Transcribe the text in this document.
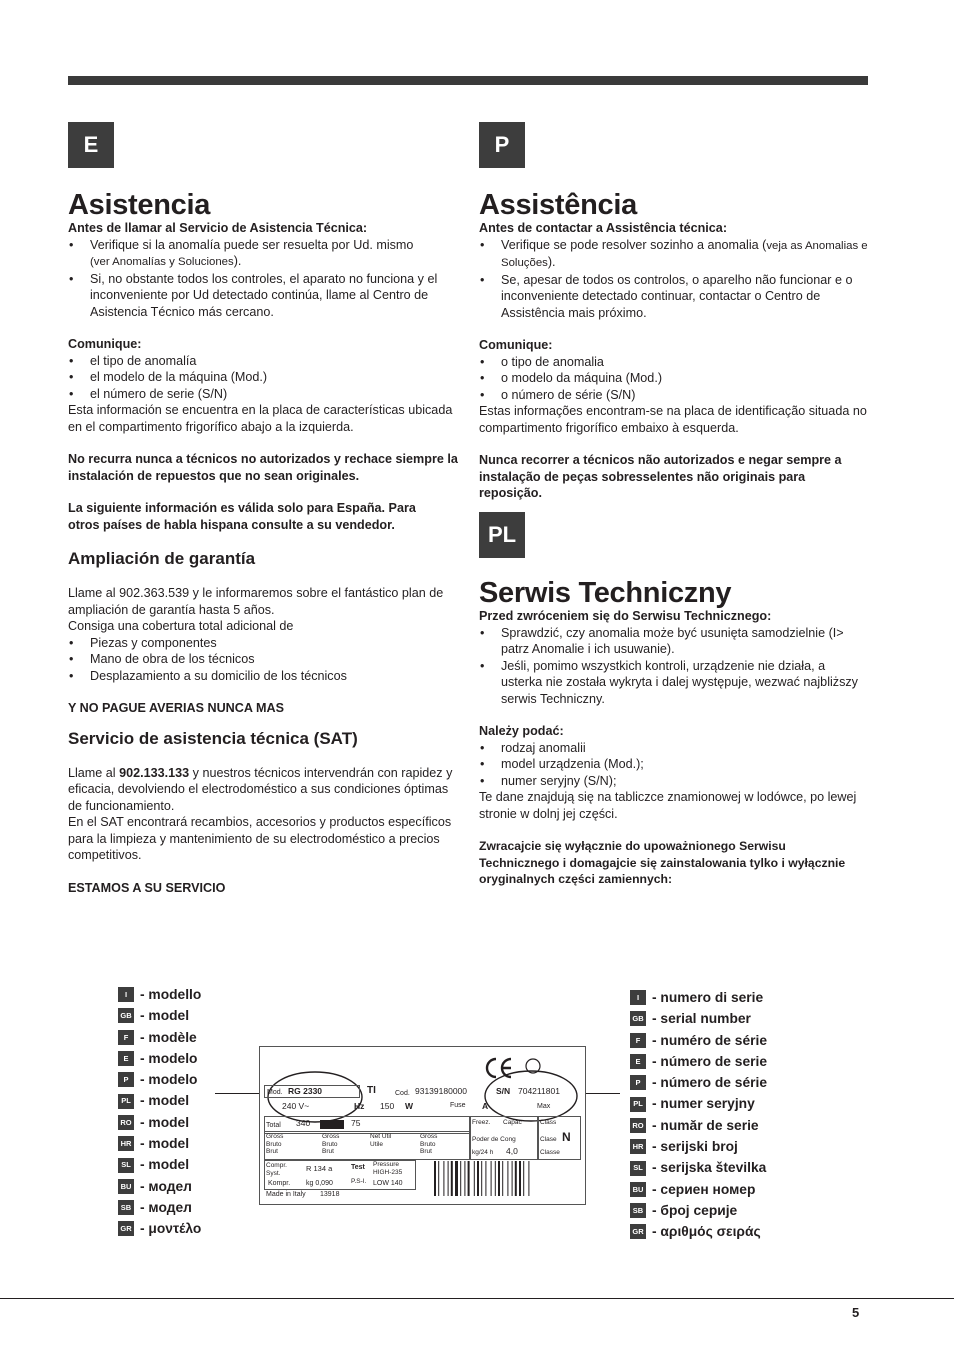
E

Asistencia

Antes de llamar al Servicio de Asistencia Técnica:

• Verifique si la anomalía puede ser resuelta por Ud. mismo
(ver Anomalías y Soluciones).
• Si, no obstante todos los controles, el aparato no funciona y el inconveniente por Ud detectado continúa, llame al Centro de Asistencia Técnico más cercano.

Comunique:

• el tipo de anomalía
• el modelo de la máquina (Mod.)
• el número de serie (S/N)

Esta información se encuentra en la placa de características ubicada en el compartimento frigorífico abajo a la izquierda.

No recurra nunca a técnicos no autorizados y rechace siempre la instalación de repuestos que no sean originales.

La siguiente información es válida solo para España. Para otros países de habla hispana consulte a su vendedor.

Ampliación de garantía

Llame al 902.363.539 y le informaremos sobre el fantástico plan de ampliación de garantía hasta 5 años.

Consiga una cobertura total adicional de

• Piezas y componentes
• Mano de obra de los técnicos
• Desplazamiento a su domicilio de los técnicos

Y NO PAGUE AVERIAS NUNCA MAS

Servicio de asistencia técnica (SAT)

Llame al 902.133.133 y nuestros técnicos intervendrán con rapidez y eficacia, devolviendo el electrodoméstico a sus condiciones óptimas de funcionamiento.

En el SAT encontrará recambios, accesorios y productos específicos para la limpieza y mantenimiento de su electrodoméstico a precios competitivos.

ESTAMOS A SU SERVICIO

P

Assistência

Antes de contactar a Assistência técnica:

• Verifique se pode resolver sozinho a anomalia (veja as Anomalias e Soluções).
• Se, apesar de todos os controlos, o aparelho não funcionar e o inconveniente detectado continuar, contactar o Centro de Assistência mais próximo.

Comunique:

• o tipo de anomalia
• o modelo da máquina (Mod.)
• o número de série (S/N)

Estas informações encontram-se na placa de identificação situada no compartimento frigorífico embaixo à esquerda.

Nunca recorrer a técnicos não autorizados e negar sempre a instalação de peças sobresselentes não originais para reposição.

PL

Serwis Techniczny

Przed zwróceniem się do Serwisu Technicznego:

• Sprawdzić, czy anomalia może być usunięta samodzielnie (I> patrz Anomalie i ich usuwanie).
• Jeśli, pomimo wszystkich kontroli, urządzenie nie działa, a usterka nie została wykryta i dalej występuje, wezwać najbliższy serwis Techniczny.

Należy podać:

• rodzaj anomalii
• model urządzenia (Mod.);
• numer seryjny (S/N);

Te dane znajdują się na tabliczce znamionowej w lodówce, po lewej stronie w dolnj jej części.

Zwracajcie się wyłącznie do upoważnionego Serwisu Technicznego i domagajcie się zainstalowania tylko i wyłącznie oryginalnych części zamiennych:

I - modello
GB - model
F - modèle
E - modelo
P - modelo
PL - model
RO - model
HR - model
SL - model
BU - модел
SB - модел
GR - μοντέλο
I - numero di serie
GB - serial number
F - numéro de série
E - número de serie
P - número de série
PL - numer seryjny
RO - număr de serie
HR - serijski broj
SL - serijska številka
BU - сериен номер
SB - број серије
GR - αριθμός σειράς
Mod. RG 2330	TI	Cod. 93139180000	S/N 704211801
240 V~	Hz 150 W	Fuse A	Max
Total 340	75
Gross Bruto Brut
Gross Bruto Brut
Net Util Utile
Gross Bruto Brut
Freez. Capac	Class
Poder de Cong	Clase N
kg/24 h 4,0	Classe
Compr. Syst.	R 134 a	Test Pressure HIGH-235
Kompr. kg 0,090	P.S-I. LOW 140
Made in Italy 13918
5
